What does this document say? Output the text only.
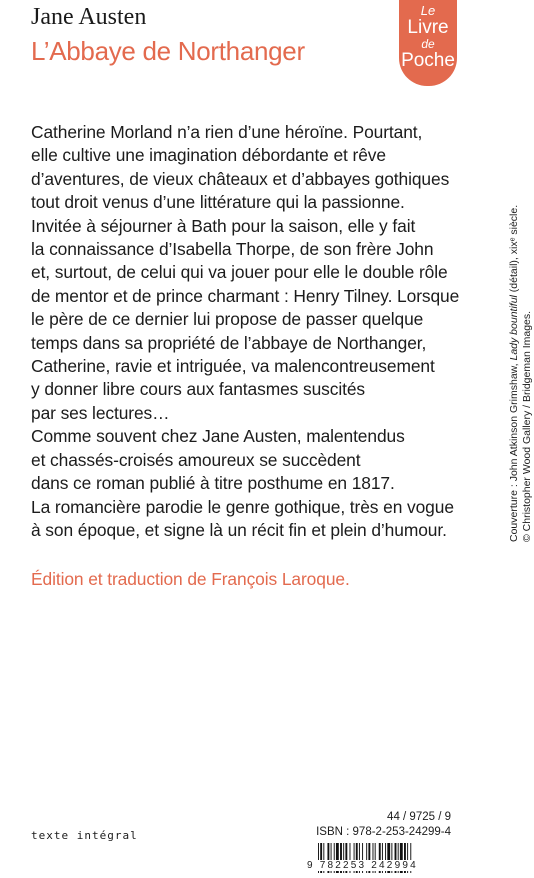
Jane Austen
L’Abbaye de Northanger
Le
Livre
de
Poche
Catherine Morland n’a rien d’une héroïne. Pourtant,
elle cultive une imagination débordante et rêve
d’aventures, de vieux châteaux et d’abbayes gothiques
tout droit venus d’une littérature qui la passionne.
Invitée à séjourner à Bath pour la saison, elle y fait
la connaissance d’Isabella Thorpe, de son frère John
et, surtout, de celui qui va jouer pour elle le double rôle
de mentor et de prince charmant : Henry Tilney. Lorsque
le père de ce dernier lui propose de passer quelque
temps dans sa propriété de l’abbaye de Northanger,
Catherine, ravie et intriguée, va malencontreusement
y donner libre cours aux fantasmes suscités
par ses lectures…
Comme souvent chez Jane Austen, malentendus
et chassés-croisés amoureux se succèdent
dans ce roman publié à titre posthume en 1817.
La romancière parodie le genre gothique, très en vogue
à son époque, et signe là un récit fin et plein d’humour.
Édition et traduction de François Laroque.
Couverture : John Atkinson Grimshaw, Lady bountiful (détail), xixᵉ siècle.
© Christopher Wood Gallery / Bridgeman Images.
44 / 9725 / 9
ISBN : 978-2-253-24299-4
texte intégral
9 782253 242994
